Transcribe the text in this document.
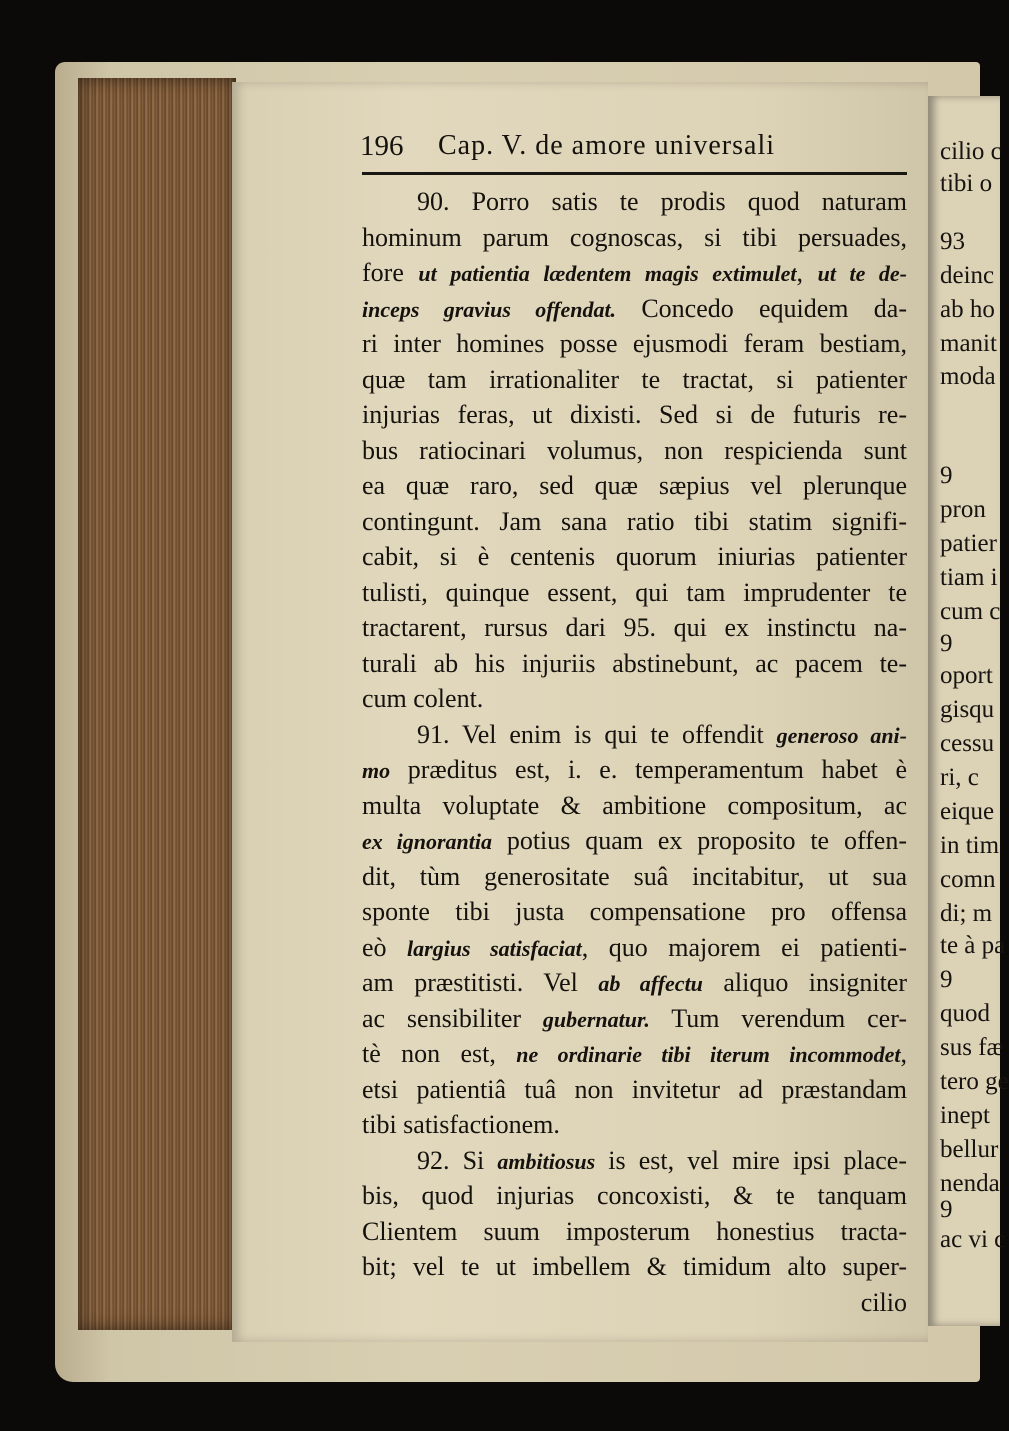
cilio c
tibi o
93
deinc
ab ho
manit
moda
9
pron
patier
tiam i
cum c
9
oport
gisqu
cessu
ri, c
eique
in tim
comn
di; m
te à pa
9
quod
sus fæ
tero ge
inept
bellur
nenda
9
ac vi c
196 Cap. V. de amore universali
90. Porro satis te prodis quod naturam
hominum parum cognoscas, si tibi persuades,
fore ut patientia lædentem magis extimulet, ut te de-
inceps gravius offendat. Concedo equidem da-
ri inter homines posse ejusmodi feram bestiam,
quæ tam irrationaliter te tractat, si patienter
injurias feras, ut dixisti. Sed si de futuris re-
bus ratiocinari volumus, non respicienda sunt
ea quæ raro, sed quæ sæpius vel plerunque
contingunt. Jam sana ratio tibi statim signifi-
cabit, si è centenis quorum iniurias patienter
tulisti, quinque essent, qui tam imprudenter te
tractarent, rursus dari 95. qui ex instinctu na-
turali ab his injuriis abstinebunt, ac pacem te-
cum colent.
91. Vel enim is qui te offendit generoso ani-
mo præditus est, i. e. temperamentum habet è
multa voluptate & ambitione compositum, ac
ex ignorantia potius quam ex proposito te offen-
dit, tùm generositate suâ incitabitur, ut sua
sponte tibi justa compensatione pro offensa
eò largius satisfaciat, quo majorem ei patienti-
am præstitisti. Vel ab affectu aliquo insigniter
ac sensibiliter gubernatur. Tum verendum cer-
tè non est, ne ordinarie tibi iterum incommodet,
etsi patientiâ tuâ non invitetur ad præstandam
tibi satisfactionem.
92. Si ambitiosus is est, vel mire ipsi place-
bis, quod injurias concoxisti, & te tanquam
Clientem suum imposterum honestius tracta-
bit; vel te ut imbellem & timidum alto super-
cilio
